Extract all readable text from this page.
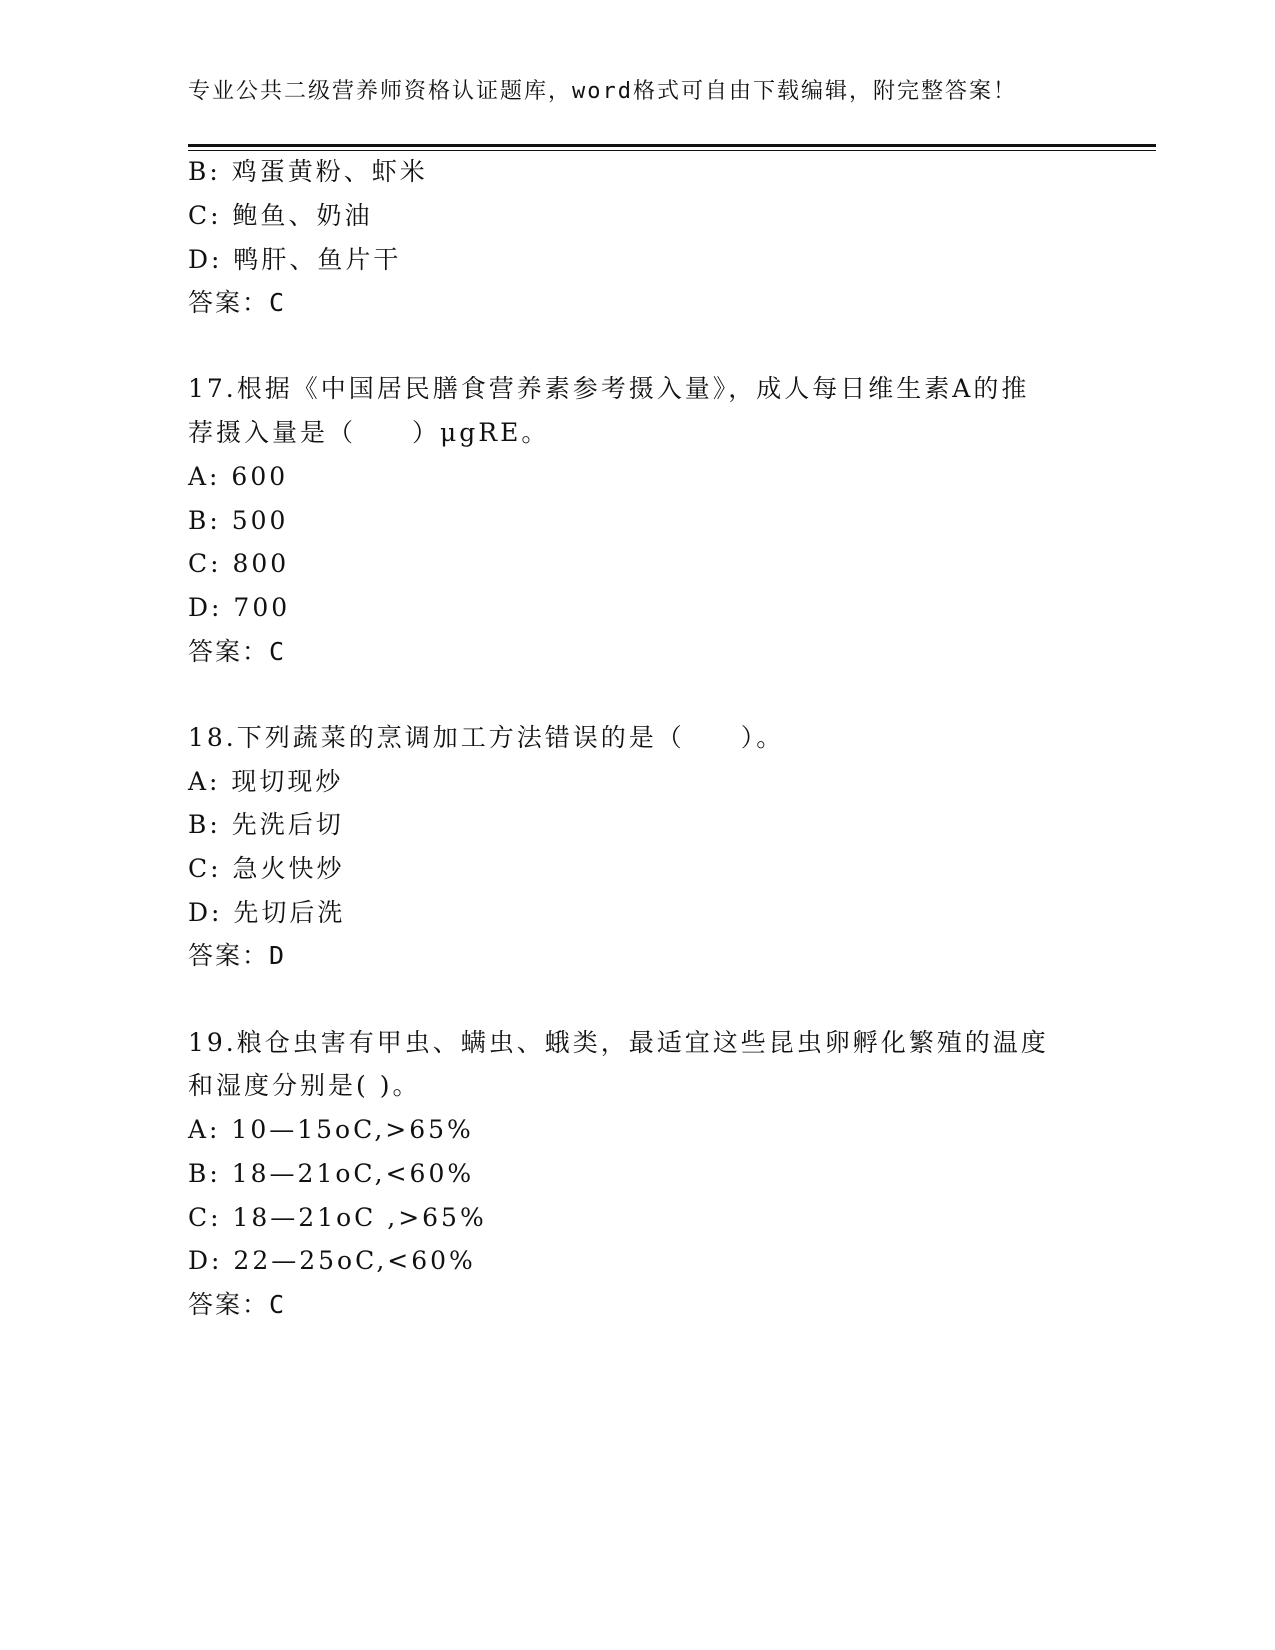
专业公共二级营养师资格认证题库，word格式可自由下载编辑，附完整答案！
B: 鸡蛋黄粉、虾米
C: 鲍鱼、奶油
D: 鸭肝、鱼片干
答案：C
17.根据《中国居民膳食营养素参考摄入量》，成人每日维生素A的推
荐摄入量是（　　）μgRE。
A: 600
B: 500
C: 800
D: 700
答案：C
18.下列蔬菜的烹调加工方法错误的是（　　）。
A: 现切现炒
B: 先洗后切
C: 急火快炒
D: 先切后洗
答案：D
19.粮仓虫害有甲虫、螨虫、蛾类，最适宜这些昆虫卵孵化繁殖的温度
和湿度分别是( )。
A: 10—15oC,>65%
B: 18—21oC,<60%
C: 18—21oC ,>65%
D: 22—25oC,<60%
答案：C
